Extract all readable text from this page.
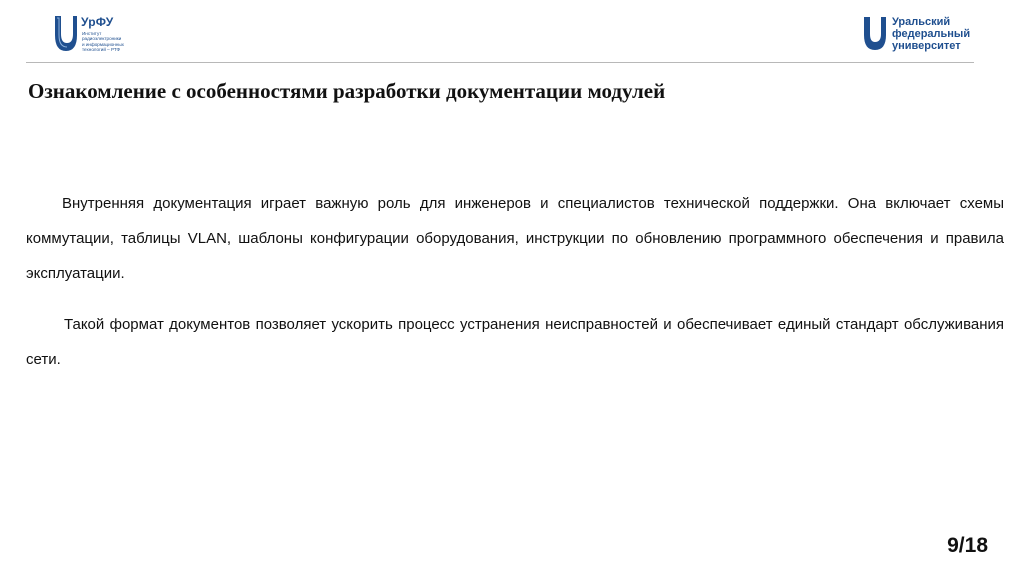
УрФУ
Институт
радиоэлектроники
и информационных
технологий – РТФ
Уральский
федеральный
университет
Ознакомление с особенностями разработки документации модулей

Внутренняя документация играет важную роль для инженеров и специалистов технической поддержки. Она включает схемы коммутации, таблицы VLAN, шаблоны конфигурации оборудования, инструкции по обновлению программного обеспечения и правила эксплуатации.

Такой формат документов позволяет ускорить процесс устранения неисправностей и обеспечивает единый стандарт обслуживания сети.

9/18
